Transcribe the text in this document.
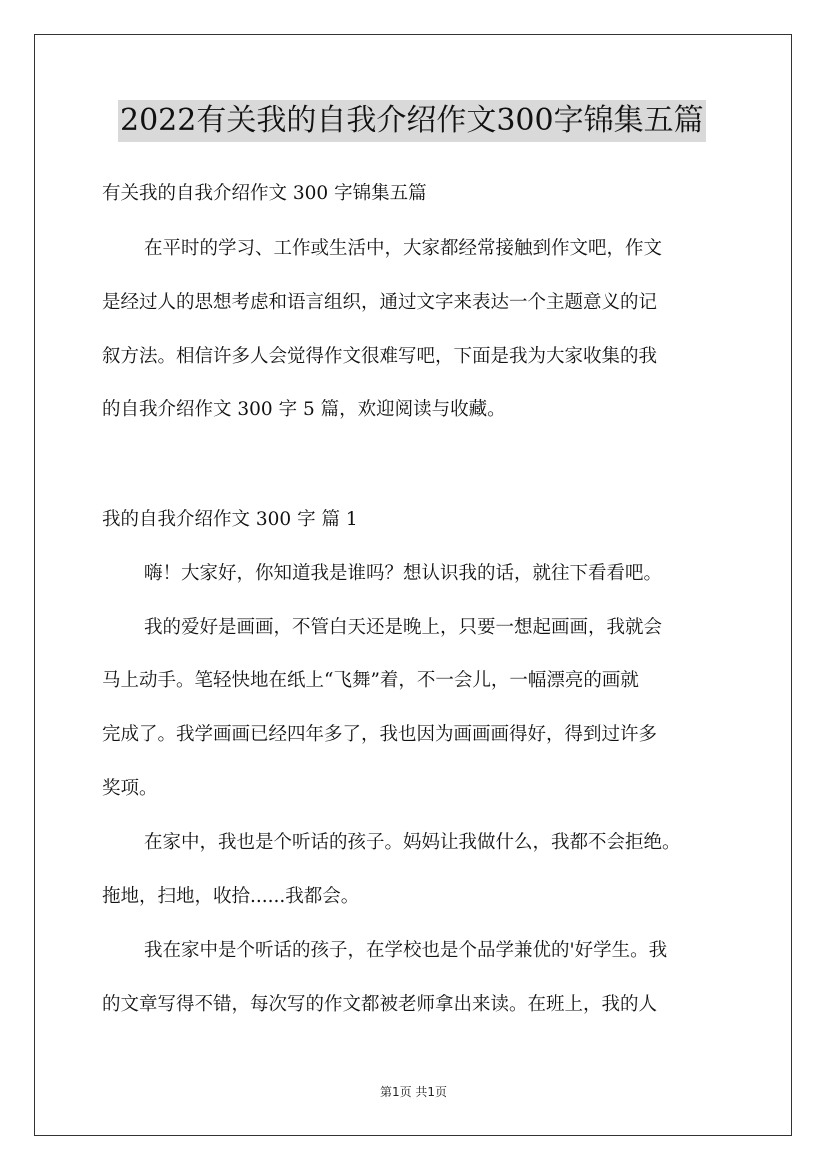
2022有关我的自我介绍作文300字锦集五篇
有关我的自我介绍作文 300 字锦集五篇
在平时的学习、工作或生活中，大家都经常接触到作文吧，作文
是经过人的思想考虑和语言组织，通过文字来表达一个主题意义的记
叙方法。相信许多人会觉得作文很难写吧，下面是我为大家收集的我
的自我介绍作文 300 字 5 篇，欢迎阅读与收藏。
我的自我介绍作文 300 字 篇 1
嗨！大家好，你知道我是谁吗？想认识我的话，就往下看看吧。
我的爱好是画画，不管白天还是晚上，只要一想起画画，我就会
马上动手。笔轻快地在纸上“飞舞”着，不一会儿，一幅漂亮的画就
完成了。我学画画已经四年多了，我也因为画画画得好，得到过许多
奖项。
在家中，我也是个听话的孩子。妈妈让我做什么，我都不会拒绝。
拖地，扫地，收拾......我都会。
我在家中是个听话的孩子，在学校也是个品学兼优的'好学生。我
的文章写得不错，每次写的作文都被老师拿出来读。在班上，我的人
第1页 共1页
